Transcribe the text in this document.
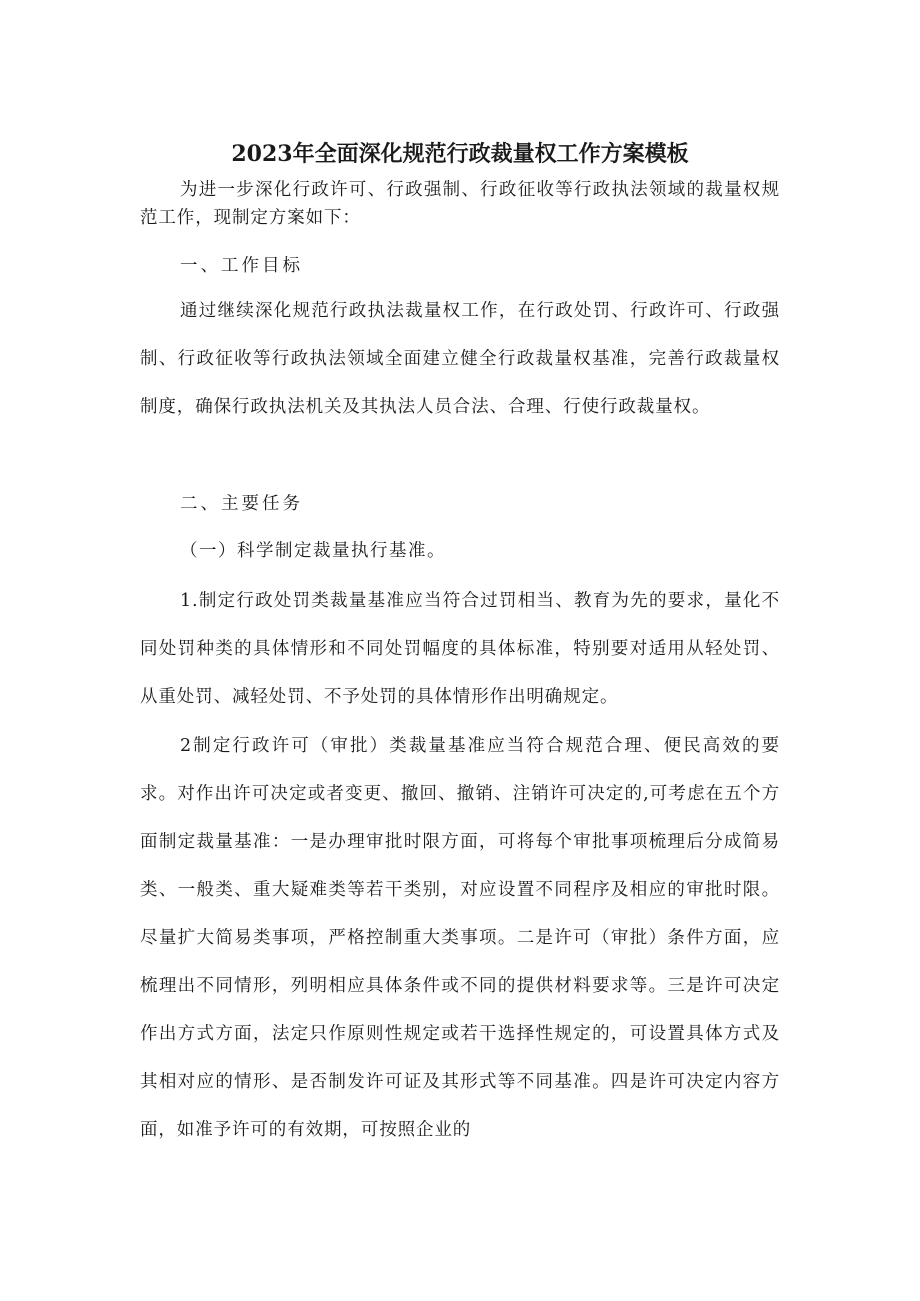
2023年全面深化规范行政裁量权工作方案模板

为进一步深化行政许可、行政强制、行政征收等行政执法领域的裁量权规范工作，现制定方案如下：

一、工作目标

通过继续深化规范行政执法裁量权工作，在行政处罚、行政许可、行政强制、行政征收等行政执法领域全面建立健全行政裁量权基准，完善行政裁量权制度，确保行政执法机关及其执法人员合法、合理、行使行政裁量权。

二、主要任务

（一）科学制定裁量执行基准。

1.制定行政处罚类裁量基准应当符合过罚相当、教育为先的要求，量化不同处罚种类的具体情形和不同处罚幅度的具体标准，特别要对适用从轻处罚、从重处罚、减轻处罚、不予处罚的具体情形作出明确规定。

2制定行政许可（审批）类裁量基准应当符合规范合理、便民高效的要求。对作出许可决定或者变更、撤回、撤销、注销许可决定的,可考虑在五个方面制定裁量基准：一是办理审批时限方面，可将每个审批事项梳理后分成简易类、一般类、重大疑难类等若干类别，对应设置不同程序及相应的审批时限。尽量扩大简易类事项，严格控制重大类事项。二是许可（审批）条件方面，应梳理出不同情形，列明相应具体条件或不同的提供材料要求等。三是许可决定作出方式方面，法定只作原则性规定或若干选择性规定的，可设置具体方式及其相对应的情形、是否制发许可证及其形式等不同基准。四是许可决定内容方面，如准予许可的有效期，可按照企业的
